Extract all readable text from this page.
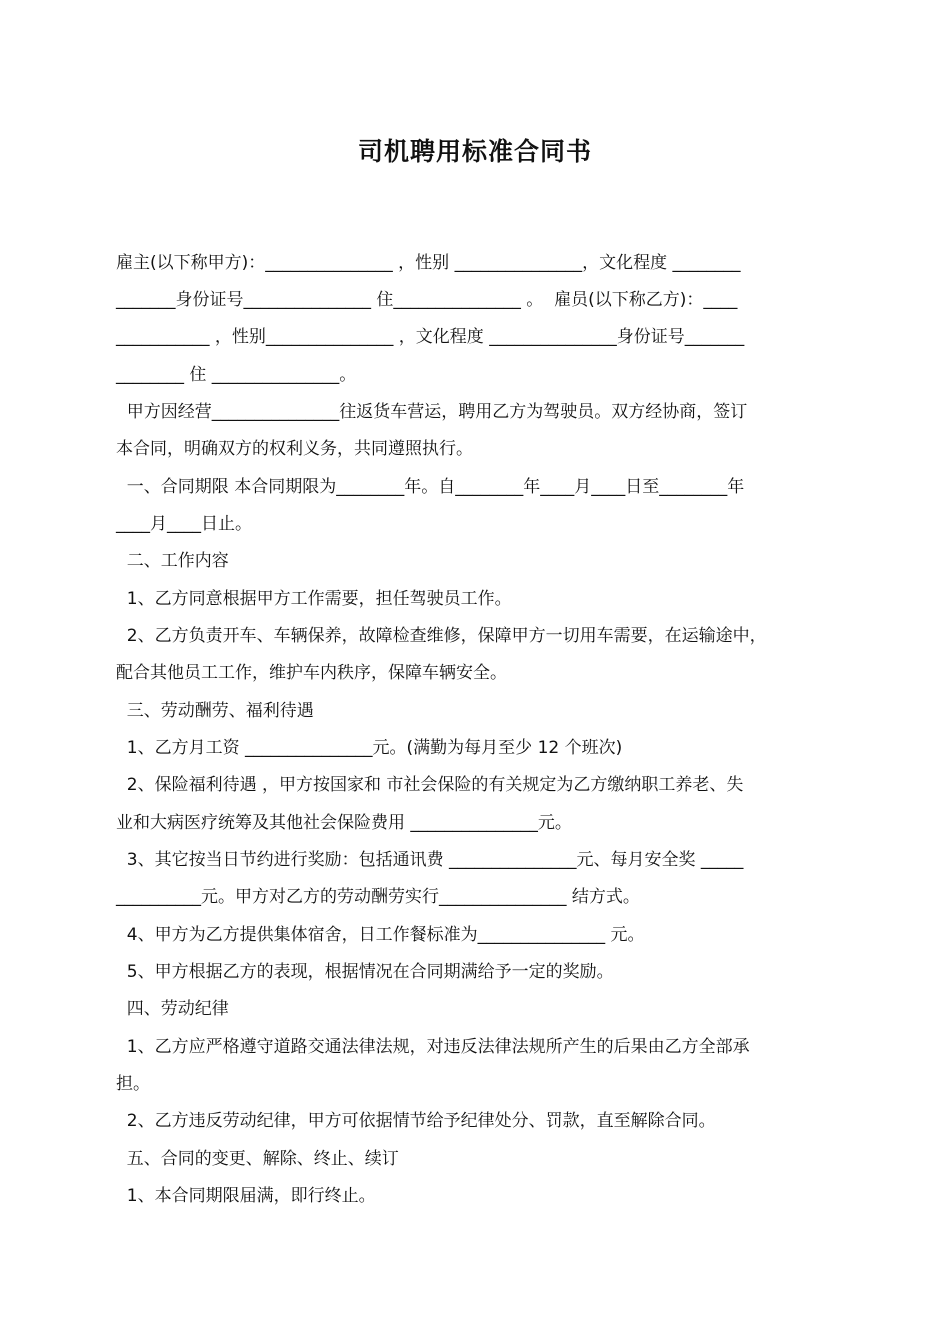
司机聘用标准合同书
雇主(以下称甲方)：_______________ ，性别 _______________，文化程度 ________
_______身份证号_______________ 住_______________ 。  雇员(以下称乙方)：____
___________ ，性别_______________ ，文化程度 _______________身份证号_______
________ 住 _______________。
甲方因经营_______________往返货车营运，聘用乙方为驾驶员。双方经协商，签订
本合同，明确双方的权利义务，共同遵照执行。
一、合同期限 本合同期限为________年。自________年____月____日至________年
____月____日止。
二、工作内容
1、乙方同意根据甲方工作需要，担任驾驶员工作。
2、乙方负责开车、车辆保养，故障检查维修，保障甲方一切用车需要，在运输途中，
配合其他员工工作，维护车内秩序，保障车辆安全。
三、劳动酬劳、福利待遇
1、乙方月工资 _______________元。(满勤为每月至少 12 个班次)
2、保险福利待遇 ，甲方按国家和 市社会保险的有关规定为乙方缴纳职工养老、失
业和大病医疗统筹及其他社会保险费用 _______________元。
3、其它按当日节约进行奖励：包括通讯费 _______________元、每月安全奖 _____
__________元。甲方对乙方的劳动酬劳实行_______________ 结方式。
4、甲方为乙方提供集体宿舍，日工作餐标准为_______________ 元。
5、甲方根据乙方的表现，根据情况在合同期满给予一定的奖励。
四、劳动纪律
1、乙方应严格遵守道路交通法律法规，对违反法律法规所产生的后果由乙方全部承
担。
2、乙方违反劳动纪律，甲方可依据情节给予纪律处分、罚款，直至解除合同。
五、合同的变更、解除、终止、续订
1、本合同期限届满，即行终止。
